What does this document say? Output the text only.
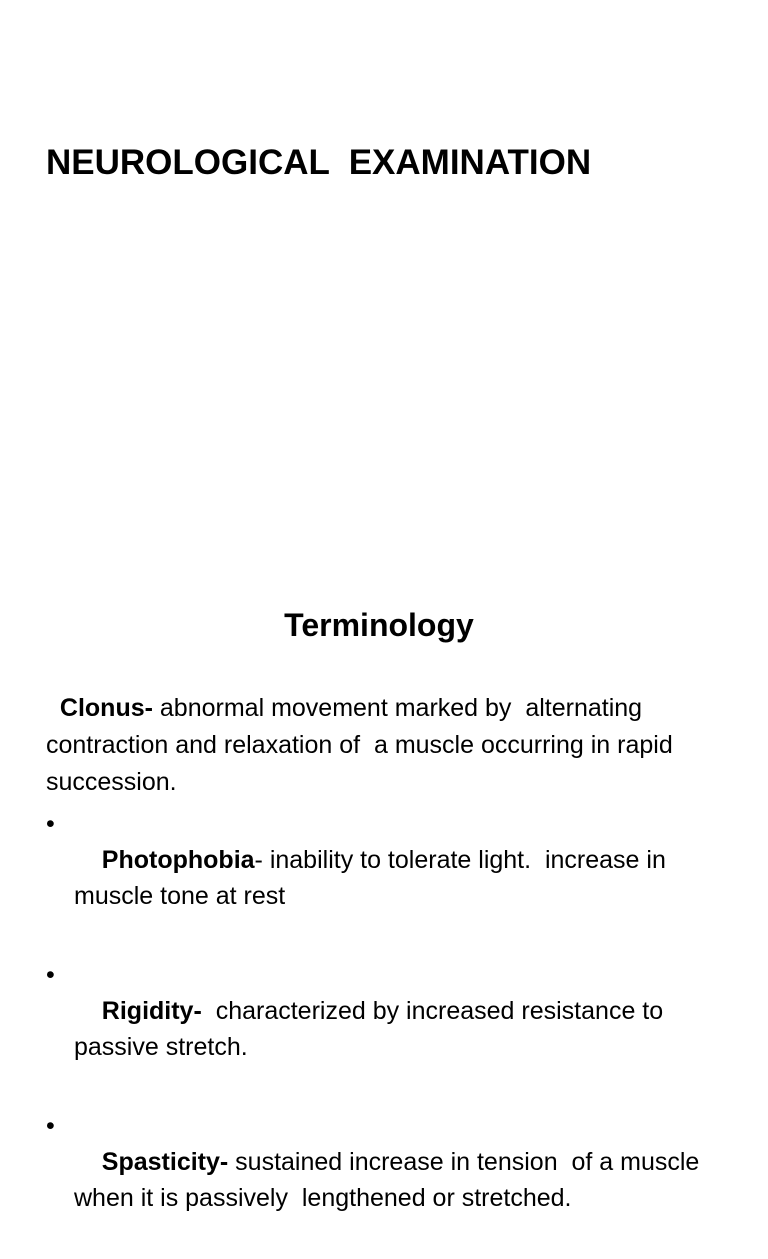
NEUROLOGICAL  EXAMINATION
Terminology

Clonus- abnormal movement marked by  alternating contraction and relaxation of  a muscle occurring in rapid succession.

•
Photophobia- inability to tolerate light.  increase in muscle tone at rest

•
Rigidity-  characterized by increased resistance to passive stretch.

•
Spasticity- sustained increase in tension  of a muscle when it is passively  lengthened or stretched.
